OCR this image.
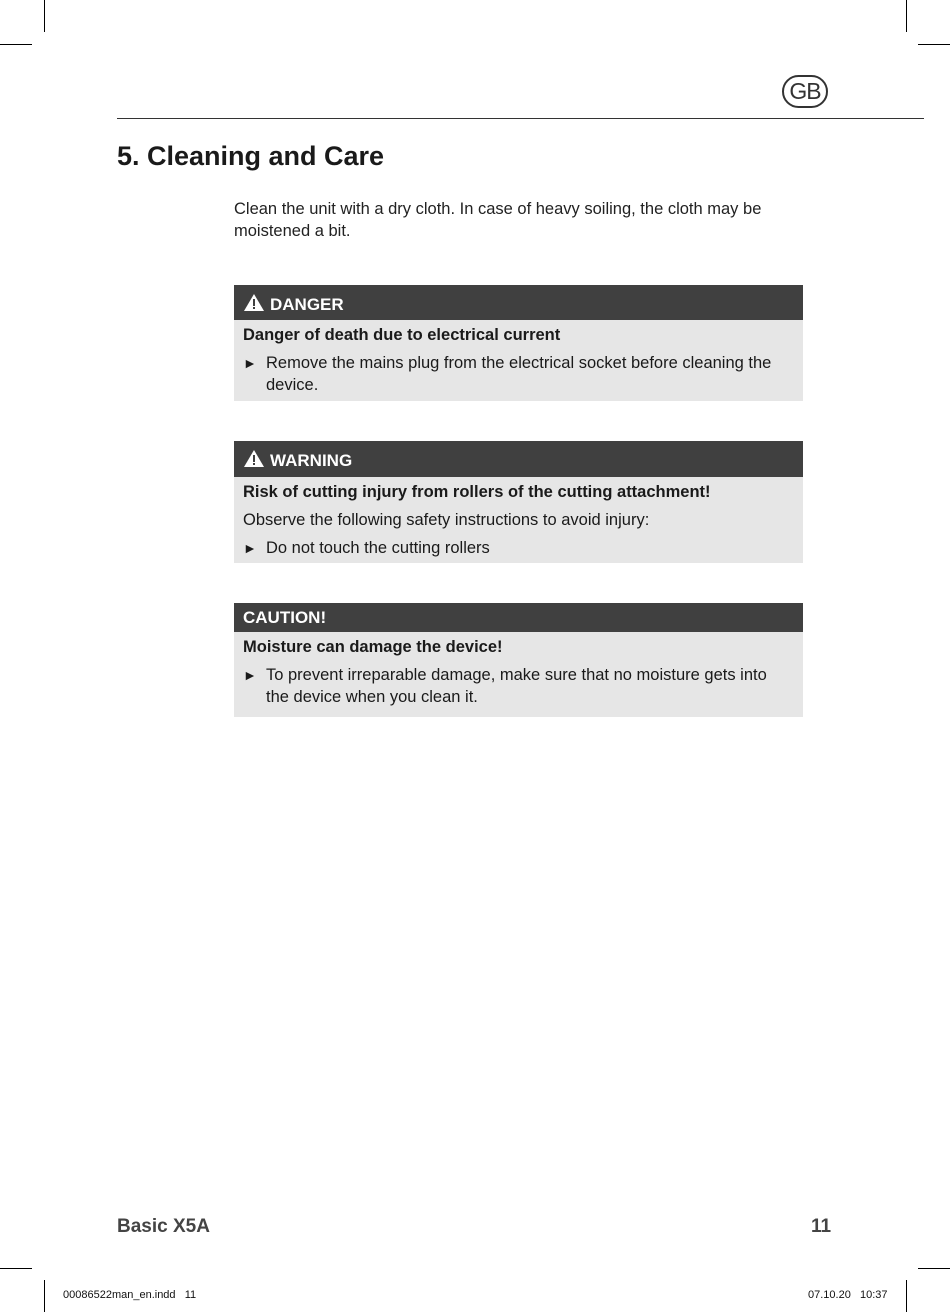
GB
5. Cleaning and Care

Clean the unit with a dry cloth. In case of heavy soiling, the cloth may be moistened a bit.

DANGER
Danger of death due to electrical current
► Remove the mains plug from the electrical socket before cleaning the device.
WARNING
Risk of cutting injury from rollers of the cutting attachment!
Observe the following safety instructions to avoid injury:
► Do not touch the cutting rollers
CAUTION!
Moisture can damage the device!
► To prevent irreparable damage, make sure that no moisture gets into the device when you clean it.
Basic X5A	11
00086522man_en.indd   11	07.10.20   10:37
